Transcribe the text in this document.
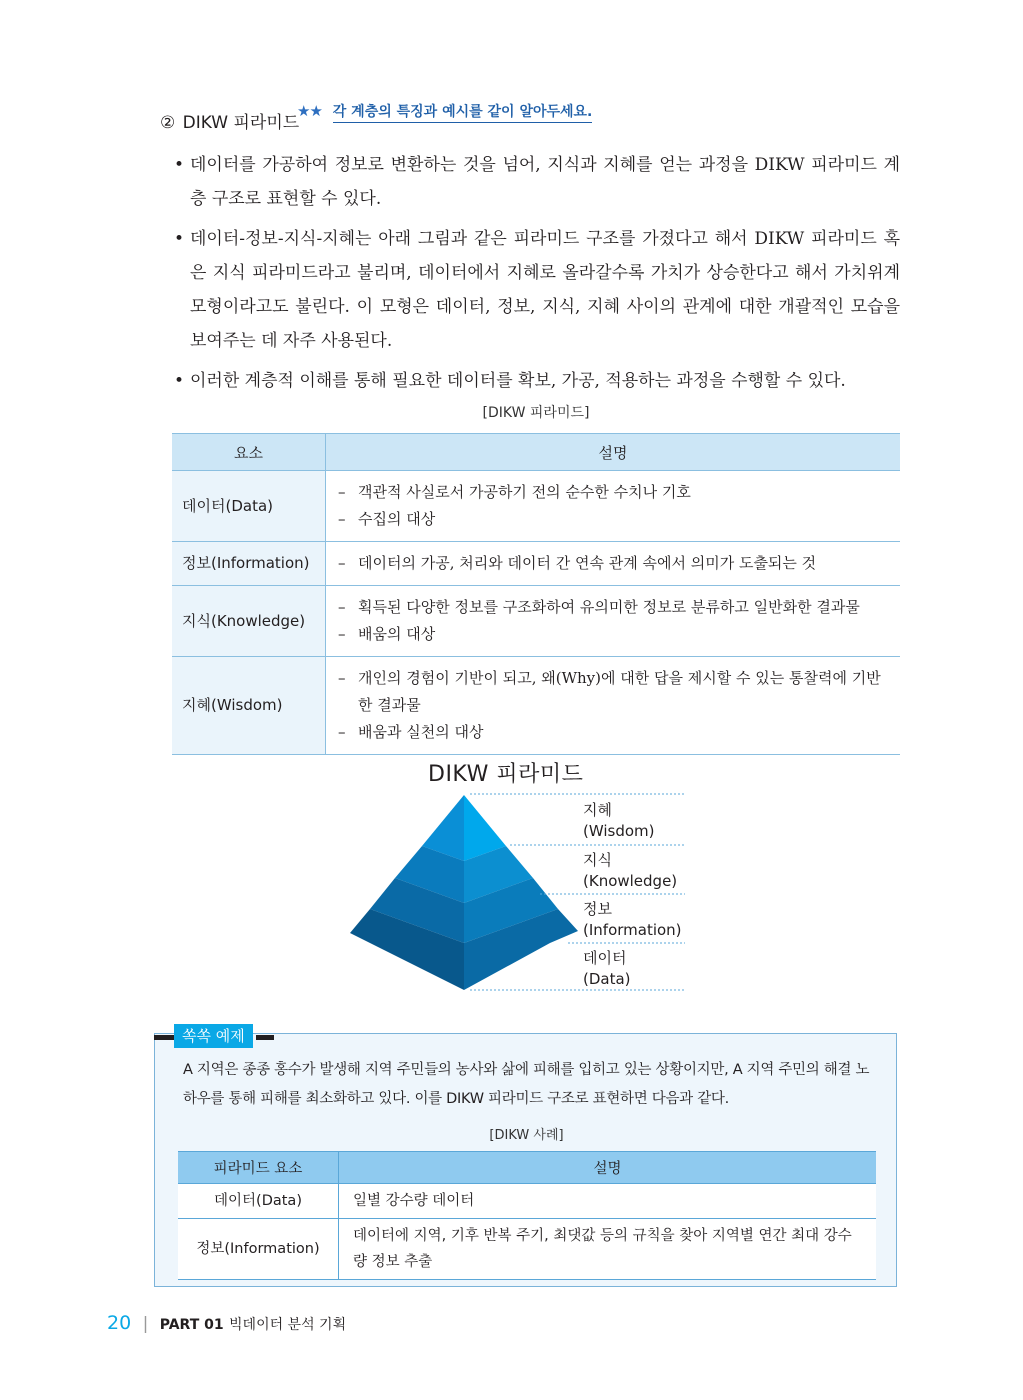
② DIKW 피라미드
★★ 각 계층의 특징과 예시를 같이 알아두세요.
• 데이터를 가공하여 정보로 변환하는 것을 넘어, 지식과 지혜를 얻는 과정을 DIKW 피라미드 계층 구조로 표현할 수 있다.
• 데이터-정보-지식-지혜는 아래 그림과 같은 피라미드 구조를 가졌다고 해서 DIKW 피라미드 혹은 지식 피라미드라고 불리며, 데이터에서 지혜로 올라갈수록 가치가 상승한다고 해서 가치위계 모형이라고도 불린다. 이 모형은 데이터, 정보, 지식, 지혜 사이의 관계에 대한 개괄적인 모습을 보여주는 데 자주 사용된다.
• 이러한 계층적 이해를 통해 필요한 데이터를 확보, 가공, 적용하는 과정을 수행할 수 있다.
[DIKW 피라미드]
요소	설명
데이터(Data)	– 객관적 사실로서 가공하기 전의 순수한 수치나 기호
– 수집의 대상

정보(Information)	– 데이터의 가공, 처리와 데이터 간 연속 관계 속에서 의미가 도출되는 것

지식(Knowledge)	– 획득된 다양한 정보를 구조화하여 유의미한 정보로 분류하고 일반화한 결과물
– 배움의 대상

지혜(Wisdom)	– 개인의 경험이 기반이 되고, 왜(Why)에 대한 답을 제시할 수 있는 통찰력에 기반한 결과물
– 배움과 실천의 대상
DIKW 피라미드
지혜
(Wisdom)
지식
(Knowledge)
정보
(Information)
데이터
(Data)
쏙쏙 예제
A 지역은 종종 홍수가 발생해 지역 주민들의 농사와 삶에 피해를 입히고 있는 상황이지만, A 지역 주민의 해결 노하우를 통해 피해를 최소화하고 있다. 이를 DIKW 피라미드 구조로 표현하면 다음과 같다.
[DIKW 사례]
피라미드 요소	설명
데이터(Data)	일별 강수량 데이터
정보(Information)	데이터에 지역, 기후 반복 주기, 최댓값 등의 규칙을 찾아 지역별 연간 최대 강수량 정보 추출
20 | PART 01 빅데이터 분석 기획
